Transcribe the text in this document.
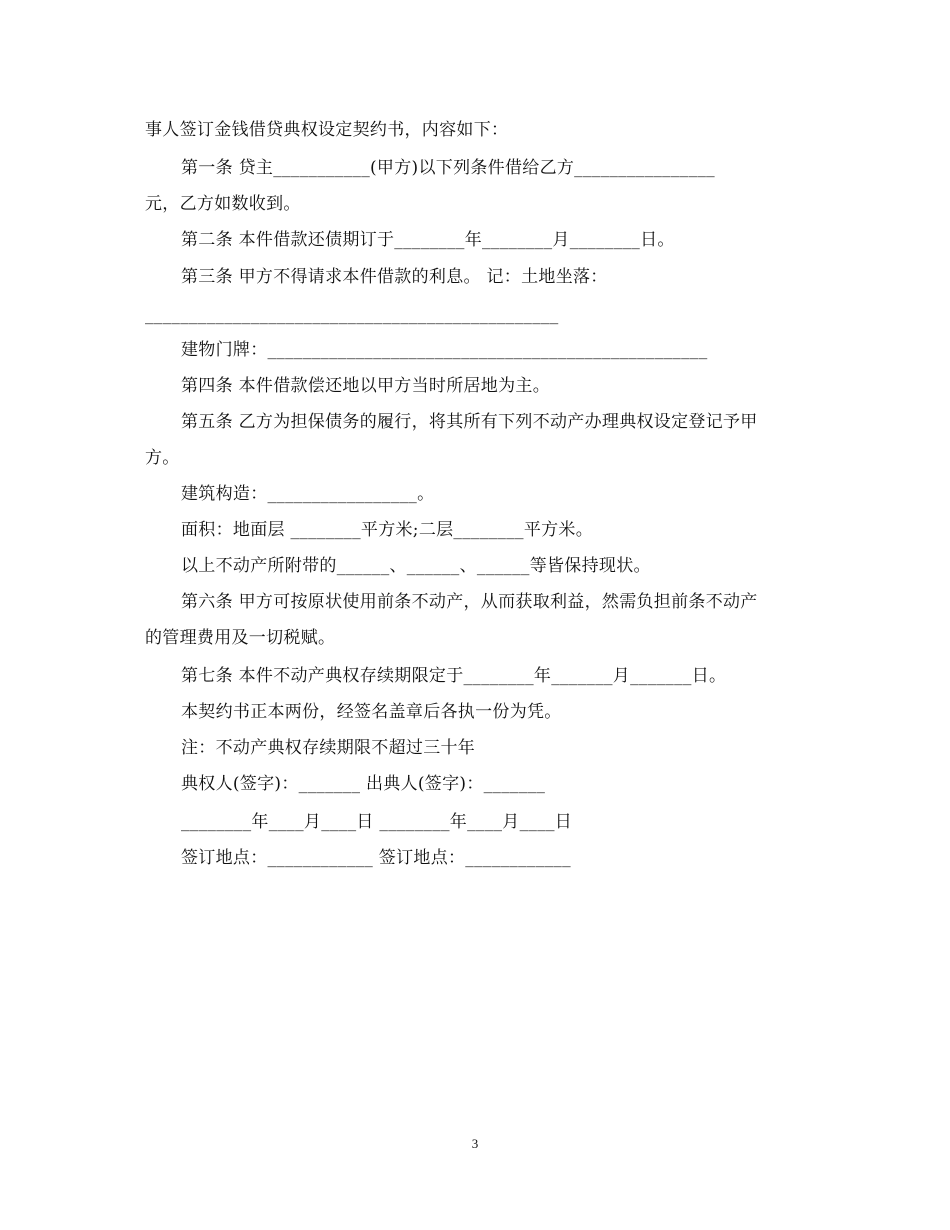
事人签订金钱借贷典权设定契约书，内容如下：
第一条 贷主___________(甲方)以下列条件借给乙方________________
元，乙方如数收到。
第二条 本件借款还债期订于________年________月________日。
第三条 甲方不得请求本件借款的利息。 记：土地坐落：
_______________________________________________
建物门牌：__________________________________________________
第四条 本件借款偿还地以甲方当时所居地为主。
第五条 乙方为担保债务的履行，将其所有下列不动产办理典权设定登记予甲
方。
建筑构造：_________________。
面积：地面层 ________平方米;二层________平方米。
以上不动产所附带的______、______、______等皆保持现状。
第六条 甲方可按原状使用前条不动产，从而获取利益，然需负担前条不动产
的管理费用及一切税赋。
第七条 本件不动产典权存续期限定于________年_______月_______日。
本契约书正本两份，经签名盖章后各执一份为凭。
注：不动产典权存续期限不超过三十年
典权人(签字)：_______ 出典人(签字)：_______
________年____月____日 ________年____月____日
签订地点：____________ 签订地点：____________
3
